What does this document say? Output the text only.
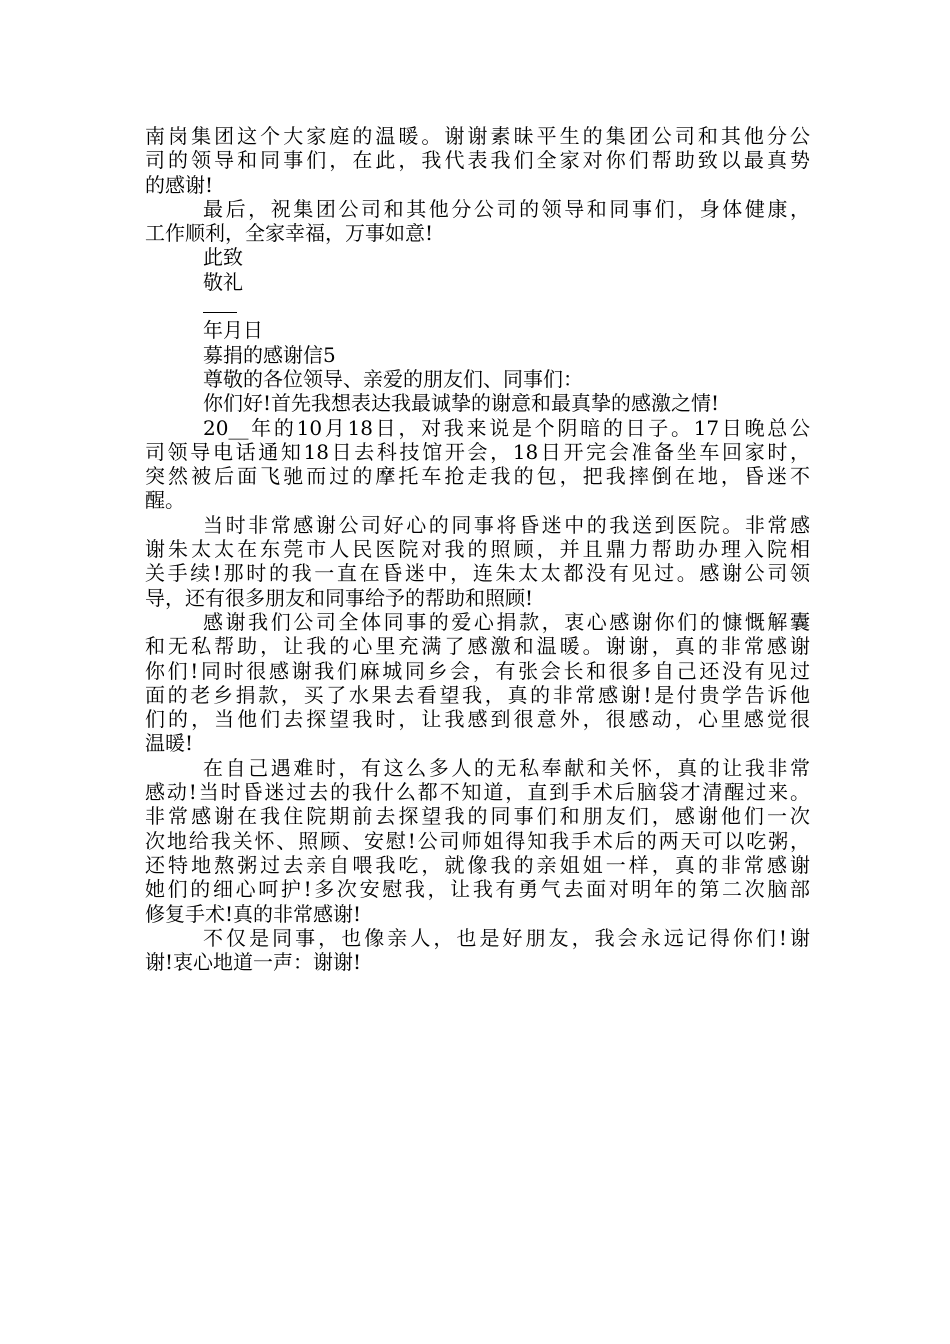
南岗集团这个大家庭的温暖。谢谢素昧平生的集团公司和其他分公
司的领导和同事们，在此，我代表我们全家对你们帮助致以最真势
的感谢!
最后，祝集团公司和其他分公司的领导和同事们，身体健康，
工作顺利，全家幸福，万事如意!
此致
敬礼
年月日
募捐的感谢信5
尊敬的各位领导、亲爱的朋友们、同事们：
你们好!首先我想表达我最诚挚的谢意和最真挚的感激之情!
20__年的10月18日，对我来说是个阴暗的日子。17日晚总公
司领导电话通知18日去科技馆开会，18日开完会准备坐车回家时，
突然被后面飞驰而过的摩托车抢走我的包，把我摔倒在地，昏迷不
醒。
当时非常感谢公司好心的同事将昏迷中的我送到医院。非常感
谢朱太太在东莞市人民医院对我的照顾，并且鼎力帮助办理入院相
关手续!那时的我一直在昏迷中，连朱太太都没有见过。感谢公司领
导，还有很多朋友和同事给予的帮助和照顾!
感谢我们公司全体同事的爱心捐款，衷心感谢你们的慷慨解囊
和无私帮助，让我的心里充满了感激和温暖。谢谢，真的非常感谢
你们!同时很感谢我们麻城同乡会，有张会长和很多自己还没有见过
面的老乡捐款，买了水果去看望我，真的非常感谢!是付贵学告诉他
们的，当他们去探望我时，让我感到很意外，很感动，心里感觉很
温暖!
在自己遇难时，有这么多人的无私奉献和关怀，真的让我非常
感动!当时昏迷过去的我什么都不知道，直到手术后脑袋才清醒过来。
非常感谢在我住院期前去探望我的同事们和朋友们，感谢他们一次
次地给我关怀、照顾、安慰!公司师姐得知我手术后的两天可以吃粥，
还特地熬粥过去亲自喂我吃，就像我的亲姐姐一样，真的非常感谢
她们的细心呵护!多次安慰我，让我有勇气去面对明年的第二次脑部
修复手术!真的非常感谢!
不仅是同事，也像亲人，也是好朋友，我会永远记得你们!谢
谢!衷心地道一声：谢谢!
